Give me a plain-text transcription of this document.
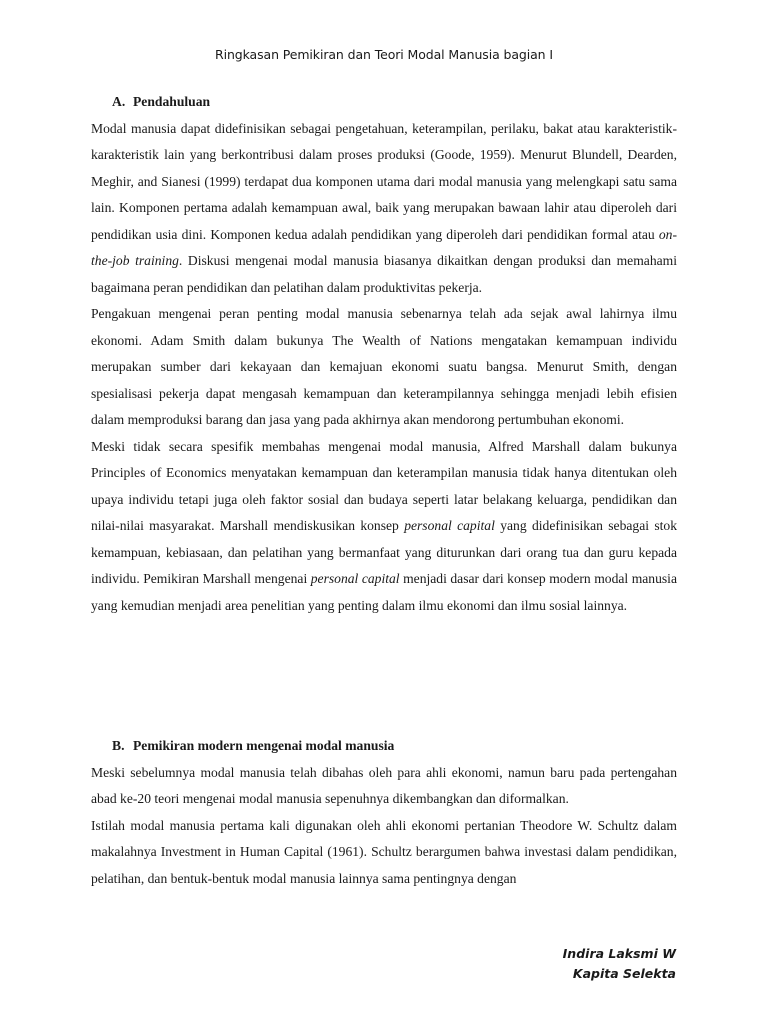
Ringkasan Pemikiran dan Teori Modal Manusia bagian I
A. Pendahuluan

Modal manusia dapat didefinisikan sebagai pengetahuan, keterampilan, perilaku, bakat atau karakteristik-karakteristik lain yang berkontribusi dalam proses produksi (Goode, 1959). Menurut Blundell, Dearden, Meghir, and Sianesi (1999) terdapat dua komponen utama dari modal manusia yang melengkapi satu sama lain. Komponen pertama adalah kemampuan awal, baik yang merupakan bawaan lahir atau diperoleh dari pendidikan usia dini. Komponen kedua adalah pendidikan yang diperoleh dari pendidikan formal atau on-the-job training. Diskusi mengenai modal manusia biasanya dikaitkan dengan produksi dan memahami bagaimana peran pendidikan dan pelatihan dalam produktivitas pekerja.

Pengakuan mengenai peran penting modal manusia sebenarnya telah ada sejak awal lahirnya ilmu ekonomi. Adam Smith dalam bukunya The Wealth of Nations mengatakan kemampuan individu merupakan sumber dari kekayaan dan kemajuan ekonomi suatu bangsa. Menurut Smith, dengan spesialisasi pekerja dapat mengasah kemampuan dan keterampilannya sehingga menjadi lebih efisien dalam memproduksi barang dan jasa yang pada akhirnya akan mendorong pertumbuhan ekonomi.

Meski tidak secara spesifik membahas mengenai modal manusia, Alfred Marshall dalam bukunya Principles of Economics menyatakan kemampuan dan keterampilan manusia tidak hanya ditentukan oleh upaya individu tetapi juga oleh faktor sosial dan budaya seperti latar belakang keluarga, pendidikan dan nilai-nilai masyarakat. Marshall mendiskusikan konsep personal capital yang didefinisikan sebagai stok kemampuan, kebiasaan, dan pelatihan yang bermanfaat yang diturunkan dari orang tua dan guru kepada individu. Pemikiran Marshall mengenai personal capital menjadi dasar dari konsep modern modal manusia yang kemudian menjadi area penelitian yang penting dalam ilmu ekonomi dan ilmu sosial lainnya.

B. Pemikiran modern mengenai modal manusia

Meski sebelumnya modal manusia telah dibahas oleh para ahli ekonomi, namun baru pada pertengahan abad ke-20 teori mengenai modal manusia sepenuhnya dikembangkan dan diformalkan.

Istilah modal manusia pertama kali digunakan oleh ahli ekonomi pertanian Theodore W. Schultz dalam makalahnya Investment in Human Capital (1961). Schultz berargumen bahwa investasi dalam pendidikan, pelatihan, dan bentuk-bentuk modal manusia lainnya sama pentingnya dengan

Indira Laksmi W
Kapita Selekta
